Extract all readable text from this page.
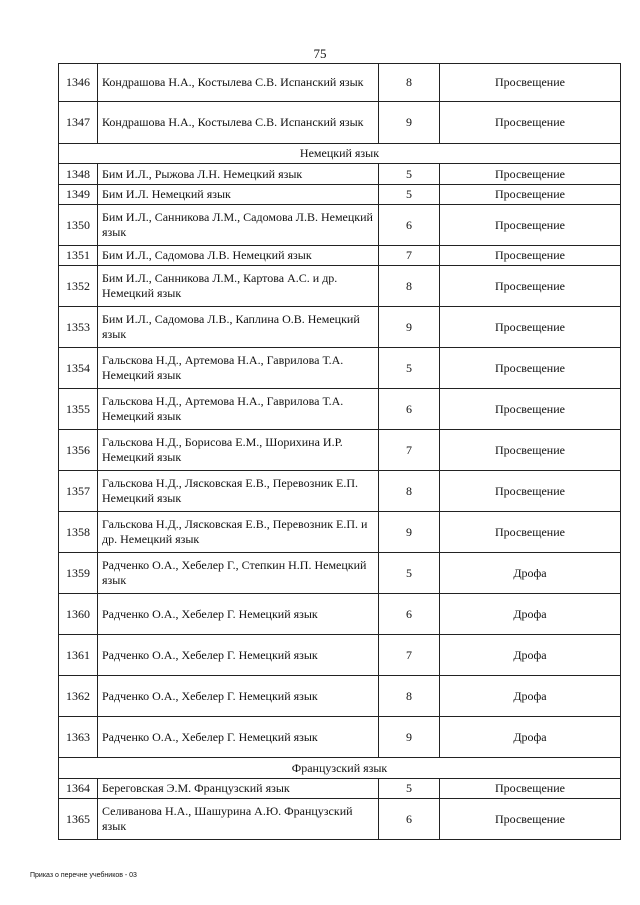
75
1346	Кондрашова Н.А., Костылева С.В. Испанский язык	8	Просвещение
1347	Кондрашова Н.А., Костылева С.В. Испанский язык	9	Просвещение
Немецкий язык			
1348	Бим И.Л., Рыжова Л.Н. Немецкий язык	5	Просвещение
1349	Бим И.Л. Немецкий язык	5	Просвещение
1350	Бим И.Л., Санникова Л.М., Садомова Л.В. Немецкий язык	6	Просвещение
1351	Бим И.Л., Садомова Л.В. Немецкий язык	7	Просвещение
1352	Бим И.Л., Санникова Л.М., Картова А.С. и др. Немецкий язык	8	Просвещение
1353	Бим И.Л., Садомова Л.В., Каплина О.В. Немецкий язык	9	Просвещение
1354	Гальскова Н.Д., Артемова Н.А., Гаврилова Т.А. Немецкий язык	5	Просвещение
1355	Гальскова Н.Д., Артемова Н.А., Гаврилова Т.А. Немецкий язык	6	Просвещение
1356	Гальскова Н.Д., Борисова Е.М., Шорихина И.Р. Немецкий язык	7	Просвещение
1357	Гальскова Н.Д., Лясковская Е.В., Перевозник Е.П. Немецкий язык	8	Просвещение
1358	Гальскова Н.Д., Лясковская Е.В., Перевозник Е.П. и др. Немецкий язык	9	Просвещение
1359	Радченко О.А., Хебелер Г., Степкин Н.П. Немецкий язык	5	Дрофа
1360	Радченко О.А., Хебелер Г. Немецкий язык	6	Дрофа
1361	Радченко О.А., Хебелер Г. Немецкий язык	7	Дрофа
1362	Радченко О.А., Хебелер Г. Немецкий язык	8	Дрофа
1363	Радченко О.А., Хебелер Г. Немецкий язык	9	Дрофа
Французский язык			
1364	Береговская Э.М. Французский язык	5	Просвещение
1365	Селиванова Н.А., Шашурина А.Ю. Французский язык	6	Просвещение
Приказ о перечне учебников - 03
